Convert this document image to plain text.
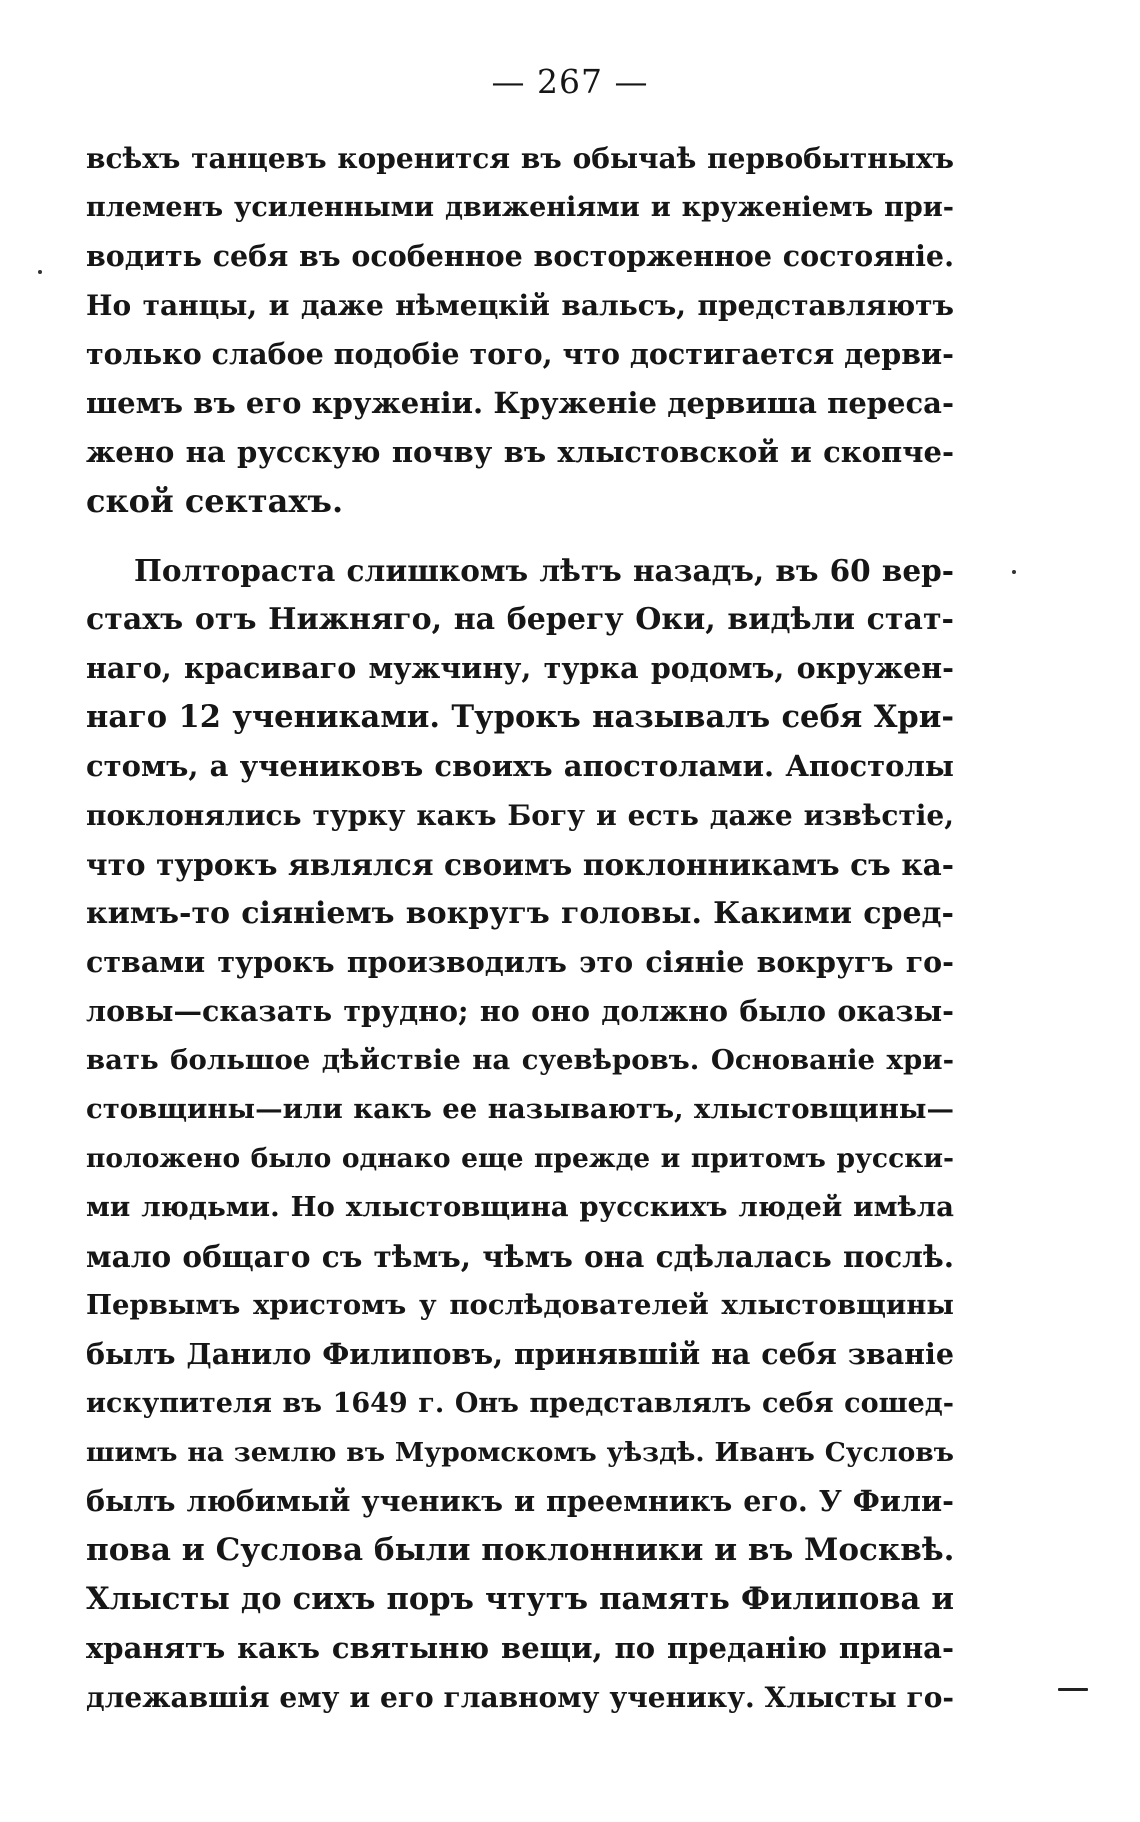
— 267 —
всѣхъ танцевъ коренится въ обычаѣ первобытныхъ
племенъ усиленными движеніями и круженіемъ при-
водить себя въ особенное восторженное состояніе.
Но танцы, и даже нѣмецкій вальсъ, представляютъ
только слабое подобіе того, что достигается дерви-
шемъ въ его круженіи. Круженіе дервиша переса-
жено на русскую почву въ хлыстовской и скопче-
ской сектахъ.
Полтораста слишкомъ лѣтъ назадъ, въ 60 вер-
стахъ отъ Нижняго, на берегу Оки, видѣли стат-
наго, красиваго мужчину, турка родомъ, окружен-
наго 12 учениками. Турокъ называлъ себя Хри-
стомъ, а учениковъ своихъ апостолами. Апостолы
поклонялись турку какъ Богу и есть даже извѣстіе,
что турокъ являлся своимъ поклонникамъ съ ка-
кимъ-то сіяніемъ вокругъ головы. Какими сред-
ствами турокъ производилъ это сіяніе вокругъ го-
ловы—сказать трудно; но оно должно было оказы-
вать большое дѣйствіе на суевѣровъ. Основаніе хри-
стовщины—или какъ ее называютъ, хлыстовщины—
положено было однако еще прежде и притомъ русски-
ми людьми. Но хлыстовщина русскихъ людей имѣла
мало общаго съ тѣмъ, чѣмъ она сдѣлалась послѣ.
Первымъ христомъ у послѣдователей хлыстовщины
былъ Данило Филиповъ, принявшій на себя званіе
искупителя въ 1649 г. Онъ представлялъ себя сошед-
шимъ на землю въ Муромскомъ уѣздѣ. Иванъ Сусловъ
былъ любимый ученикъ и преемникъ его. У Фили-
пова и Суслова были поклонники и въ Москвѣ.
Хлысты до сихъ поръ чтутъ память Филипова и
хранятъ какъ святыню вещи, по преданію прина-
длежавшія ему и его главному ученику. Хлысты го-
